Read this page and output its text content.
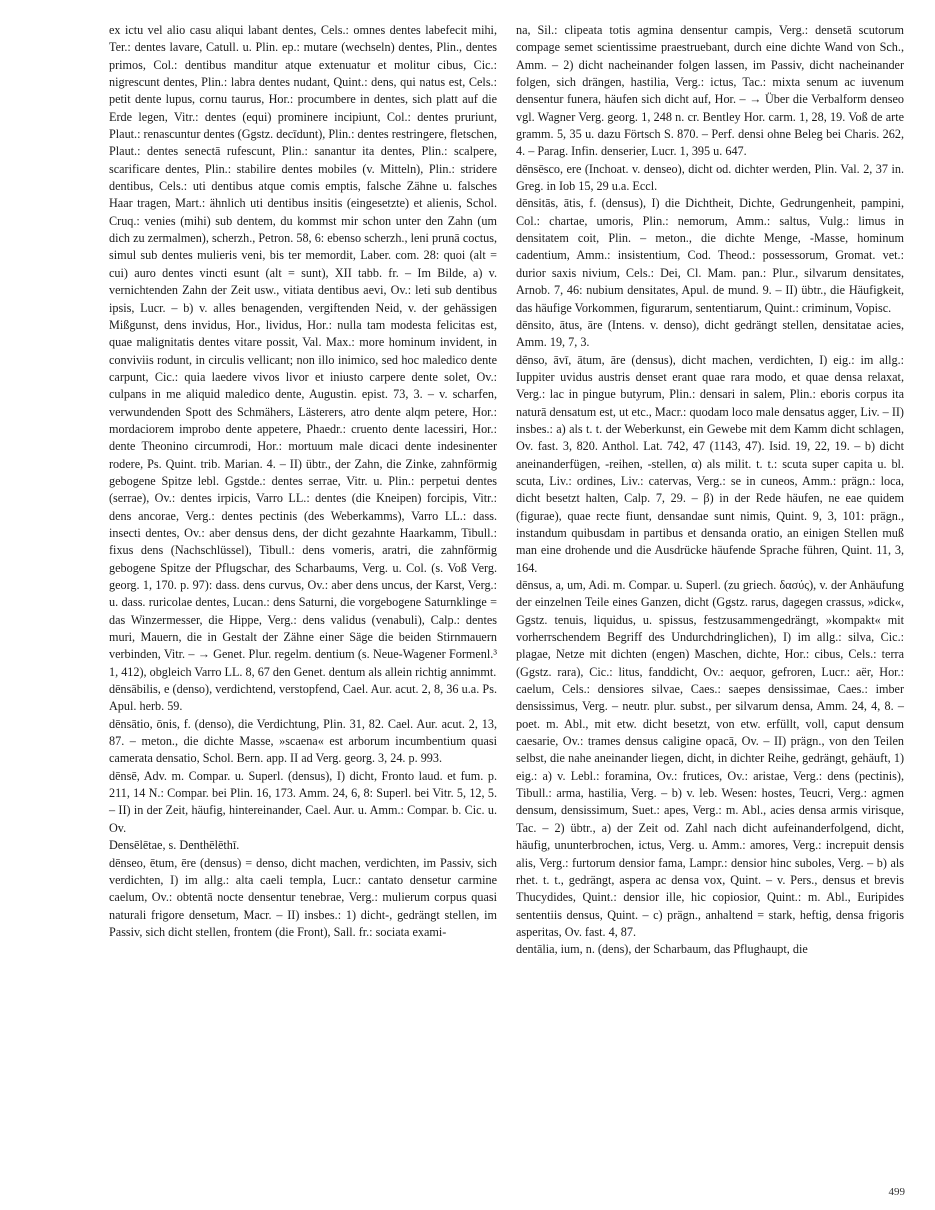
ex ictu vel alio casu aliqui labant dentes, Cels.: omnes dentes labefecit mihi, Ter.: dentes lavare, Catull. u. Plin. ep.: mutare (wechseln) dentes, Plin., dentes primos, Col.: dentibus manditur atque extenuatur et molitur cibus, Cic.: nigrescunt dentes, Plin.: labra dentes nudant, Quint.: dens, qui natus est, Cels.: petit dente lupus, cornu taurus, Hor.: procumbere in dentes, sich platt auf die Erde legen, Vitr.: dentes (equi) prominere incipiunt, Col.: dentes pruriunt, Plaut.: renascuntur dentes (Ggstz. decīdunt), Plin.: dentes restringere, fletschen, Plaut.: dentes senectā rufescunt, Plin.: sanantur ita dentes, Plin.: scalpere, scarificare dentes, Plin.: stabilire dentes mobiles (v. Mitteln), Plin.: stridere dentibus, Cels.: uti dentibus atque comis emptis, falsche Zähne u. falsches Haar tragen, Mart.: ähnlich uti dentibus insitis (eingesetzte) et alienis, Schol. Cruq.: venies (mihi) sub dentem, du kommst mir schon unter den Zahn (um dich zu zermalmen), scherzh., Petron. 58, 6: ebenso scherzh., leni prunā coctus, simul sub dentes mulieris veni, bis ter memordit, Laber. com. 28: quoi (alt = cui) auro dentes vincti esunt (alt = sunt), XII tabb. fr. – Im Bilde, a) v. vernichtenden Zahn der Zeit usw., vitiata dentibus aevi, Ov.: leti sub dentibus ipsis, Lucr. – b) v. alles benagenden, vergiftenden Neid, v. der gehässigen Mißgunst, dens invidus, Hor., lividus, Hor.: nulla tam modesta felicitas est, quae malignitatis dentes vitare possit, Val. Max.: more hominum invident, in conviviis rodunt, in circulis vellicant; non illo inimico, sed hoc maledico dente carpunt, Cic.: quia laedere vivos livor et iniusto carpere dente solet, Ov.: culpans in me aliquid maledico dente, Augustin. epist. 73, 3. – v. scharfen, verwundenden Spott des Schmähers, Lästerers, atro dente alqm petere, Hor.: mordaciorem improbo dente appetere, Phaedr.: cruento dente lacessiri, Hor.: dente Theonino circumrodi, Hor.: mortuum male dicaci dente indesinenter rodere, Ps. Quint. trib. Marian. 4. – II) übtr., der Zahn, die Zinke, zahnförmig gebogene Spitze lebl. Ggstde.: dentes serrae, Vitr. u. Plin.: perpetui dentes (serrae), Ov.: dentes irpicis, Varro LL.: dentes (die Kneipen) forcipis, Vitr.: dens ancorae, Verg.: dentes pectinis (des Weberkamms), Varro LL.: dass. insecti dentes, Ov.: aber densus dens, der dicht gezahnte Haarkamm, Tibull.: fixus dens (Nachschlüssel), Tibull.: dens vomeris, aratri, die zahnförmig gebogene Spitze der Pflugschar, des Scharbaums, Verg. u. Col. (s. Voß Verg. georg. 1, 170. p. 97): dass. dens curvus, Ov.: aber dens uncus, der Karst, Verg.: u. dass. ruricolae dentes, Lucan.: dens Saturni, die vorgebogene Saturnklinge = das Winzermesser, die Hippe, Verg.: dens validus (venabuli), Calp.: dentes muri, Mauern, die in Gestalt der Zähne einer Säge die beiden Stirnmauern verbinden, Vitr. – → Genet. Plur. regelm. dentium (s. Neue-Wagener Formenl.³ 1, 412), obgleich Varro LL. 8, 67 den Genet. dentum als allein richtig annimmt.

dēnsābilis, e (denso), verdichtend, verstopfend, Cael. Aur. acut. 2, 8, 36 u.a. Ps. Apul. herb. 59.

dēnsātio, ōnis, f. (denso), die Verdichtung, Plin. 31, 82. Cael. Aur. acut. 2, 13, 87. – meton., die dichte Masse, »scaena« est arborum incumbentium quasi camerata densatio, Schol. Bern. app. II ad Verg. georg. 3, 24. p. 993.

dēnsē, Adv. m. Compar. u. Superl. (densus), I) dicht, Fronto laud. et fum. p. 211, 14 N.: Compar. bei Plin. 16, 173. Amm. 24, 6, 8: Superl. bei Vitr. 5, 12, 5. – II) in der Zeit, häufig, hintereinander, Cael. Aur. u. Amm.: Compar. b. Cic. u. Ov.

Densēlētae, s. Denthēlēthī.

dēnseo, ētum, ēre (densus) = denso, dicht machen, verdichten, im Passiv, sich verdichten, I) im allg.: alta caeli templa, Lucr.: cantato densetur carmine caelum, Ov.: obtentā nocte densentur tenebrae, Verg.: mulierum corpus quasi naturali frigore densetum, Macr. – II) insbes.: 1) dicht-, gedrängt stellen, im Passiv, sich dicht stellen, frontem (die Front), Sall. fr.: sociata exami-

na, Sil.: clipeata totis agmina densentur campis, Verg.: densetā scutorum compage semet scientissime praestruebant, durch eine dichte Wand von Sch., Amm. – 2) dicht nacheinander folgen lassen, im Passiv, dicht nacheinander folgen, sich drängen, hastilia, Verg.: ictus, Tac.: mixta senum ac iuvenum densentur funera, häufen sich dicht auf, Hor. – → Über die Verbalform denseo vgl. Wagner Verg. georg. 1, 248 n. cr. Bentley Hor. carm. 1, 28, 19. Voß de arte gramm. 5, 35 u. dazu Förtsch S. 870. – Perf. densi ohne Beleg bei Charis. 262, 4. – Parag. Infin. denserier, Lucr. 1, 395 u. 647.

dēnsēsco, ere (Inchoat. v. denseo), dicht od. dichter werden, Plin. Val. 2, 37 in. Greg. in Iob 15, 29 u.a. Eccl.

dēnsitās, ātis, f. (densus), I) die Dichtheit, Dichte, Gedrungenheit, pampini, Col.: chartae, umoris, Plin.: nemorum, Amm.: saltus, Vulg.: limus in densitatem coit, Plin. – meton., die dichte Menge, -Masse, hominum cadentium, Amm.: insistentium, Cod. Theod.: possessorum, Gromat. vet.: durior saxis nivium, Cels.: Dei, Cl. Mam. pan.: Plur., silvarum densitates, Arnob. 7, 46: nubium densitates, Apul. de mund. 9. – II) übtr., die Häufigkeit, das häufige Vorkommen, figurarum, sententiarum, Quint.: criminum, Vopisc.

dēnsito, ātus, āre (Intens. v. denso), dicht gedrängt stellen, densitatae acies, Amm. 19, 7, 3.

dēnso, āvī, ātum, āre (densus), dicht machen, verdichten, I) eig.: im allg.: Iuppiter uvidus austris denset erant quae rara modo, et quae densa relaxat, Verg.: lac in pingue butyrum, Plin.: densari in salem, Plin.: eboris corpus ita naturā densatum est, ut etc., Macr.: quodam loco male densatus agger, Liv. – II) insbes.: a) als t. t. der Weberkunst, ein Gewebe mit dem Kamm dicht schlagen, Ov. fast. 3, 820. Anthol. Lat. 742, 47 (1143, 47). Isid. 19, 22, 19. – b) dicht aneinanderfügen, -reihen, -stellen, α) als milit. t. t.: scuta super capita u. bl. scuta, Liv.: ordines, Liv.: catervas, Verg.: se in cuneos, Amm.: prägn.: loca, dicht besetzt halten, Calp. 7, 29. – β) in der Rede häufen, ne eae quidem (figurae), quae recte fiunt, densandae sunt nimis, Quint. 9, 3, 101: prägn., instandum quibusdam in partibus et densanda oratio, an einigen Stellen muß man eine drohende und die Ausdrücke häufende Sprache führen, Quint. 11, 3, 164.

dēnsus, a, um, Adi. m. Compar. u. Superl. (zu griech. δασύς), v. der Anhäufung der einzelnen Teile eines Ganzen, dicht (Ggstz. rarus, dagegen crassus, »dick«, Ggstz. tenuis, liquidus, u. spissus, festzusammengedrängt, »kompakt« mit vorherrschendem Begriff des Undurchdringlichen), I) im allg.: silva, Cic.: plagae, Netze mit dichten (engen) Maschen, dichte, Hor.: cibus, Cels.: terra (Ggstz. rara), Cic.: litus, fanddicht, Ov.: aequor, gefroren, Lucr.: aër, Hor.: caelum, Cels.: densiores silvae, Caes.: saepes densissimae, Caes.: imber densissimus, Verg. – neutr. plur. subst., per silvarum densa, Amm. 24, 4, 8. – poet. m. Abl., mit etw. dicht besetzt, von etw. erfüllt, voll, caput densum caesarie, Ov.: trames densus caligine opacā, Ov. – II) prägn., von den Teilen selbst, die nahe aneinander liegen, dicht, in dichter Reihe, gedrängt, gehäuft, 1) eig.: a) v. Lebl.: foramina, Ov.: frutices, Ov.: aristae, Verg.: dens (pectinis), Tibull.: arma, hastilia, Verg. – b) v. leb. Wesen: hostes, Teucri, Verg.: agmen densum, densissimum, Suet.: apes, Verg.: m. Abl., acies densa armis virisque, Tac. – 2) übtr., a) der Zeit od. Zahl nach dicht aufeinanderfolgend, dicht, häufig, ununterbrochen, ictus, Verg. u. Amm.: amores, Verg.: increpuit densis alis, Verg.: furtorum densior fama, Lampr.: densior hinc suboles, Verg. – b) als rhet. t. t., gedrängt, aspera ac densa vox, Quint. – v. Pers., densus et brevis Thucydides, Quint.: densior ille, hic copiosior, Quint.: m. Abl., Euripides sententiis densus, Quint. – c) prägn., anhaltend = stark, heftig, densa frigoris asperitas, Ov. fast. 4, 87.

dentālia, ium, n. (dens), der Scharbaum, das Pflughaupt, die

499
